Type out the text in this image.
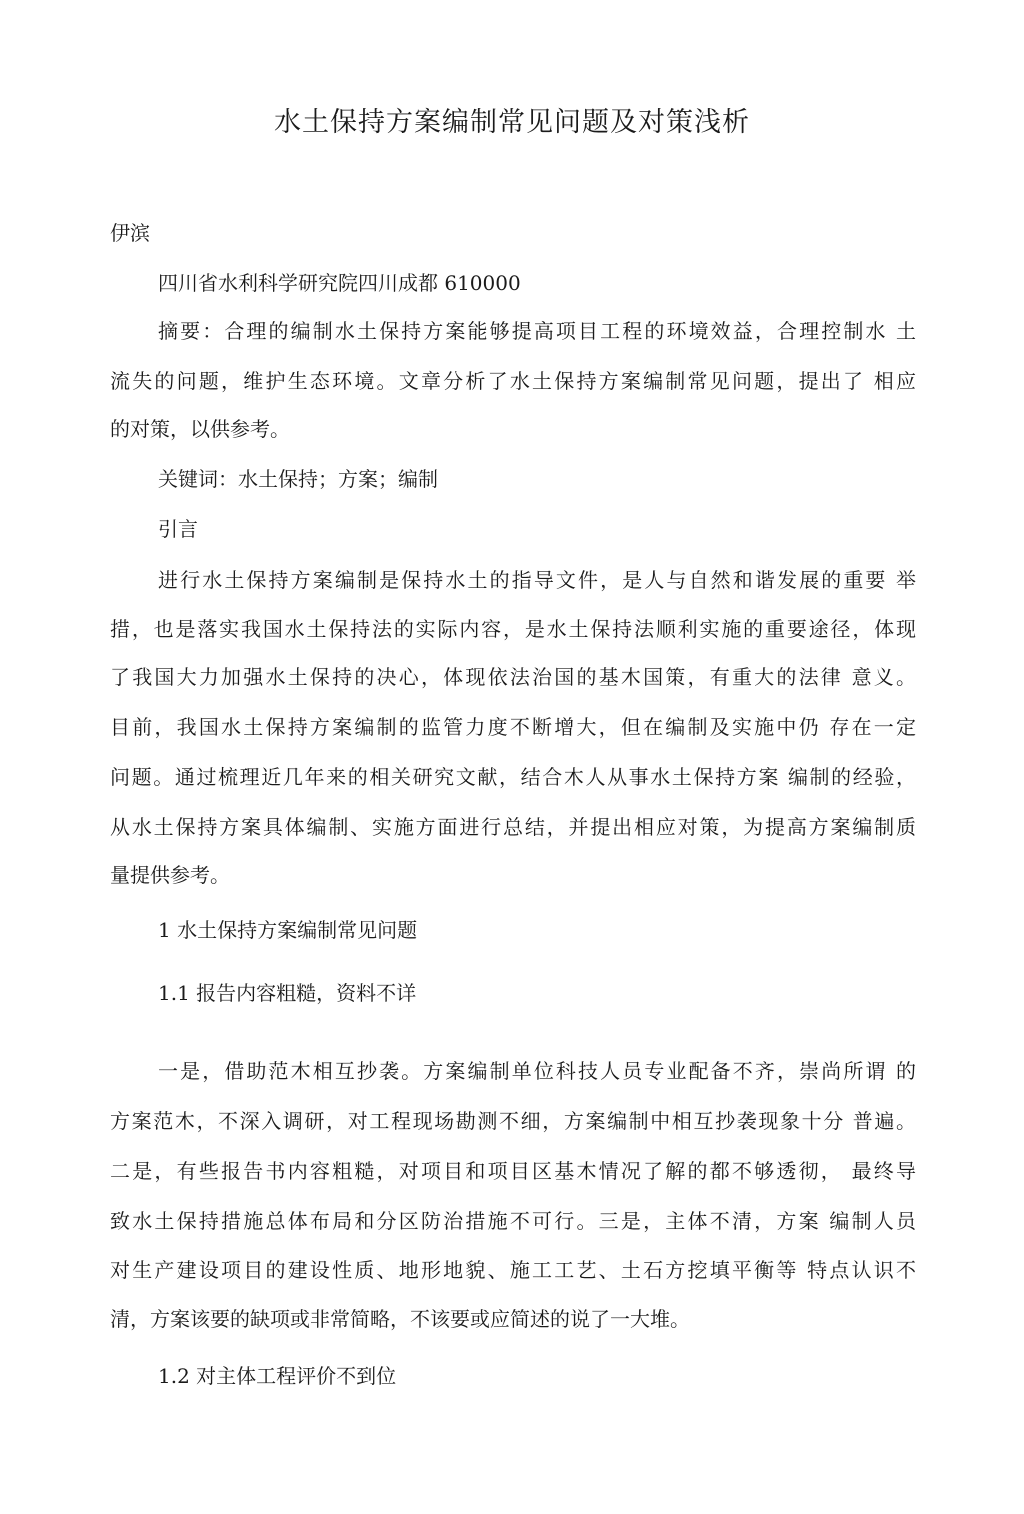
水土保持方案编制常见问题及对策浅析

伊滨

四川省水利科学研究院四川成都 610000

摘要：合理的编制水土保持方案能够提高项目工程的环境效益，合理控制水 土

流失的问题，维护生态环境。文章分析了水土保持方案编制常见问题，提出了 相应

的对策，以供参考。

关键词：水土保持；方案；编制

引言

进行水土保持方案编制是保持水土的指导文件，是人与自然和谐发展的重要 举

措，也是落实我国水土保持法的实际内容，是水土保持法顺利实施的重要途径，体现

了我国大力加强水土保持的决心，体现依法治国的基木国策，有重大的法律 意义。

目前，我国水土保持方案编制的监管力度不断增大，但在编制及实施中仍 存在一定

问题。通过梳理近几年来的相关研究文献，结合木人从事水土保持方案 编制的经验，

从水土保持方案具体编制、实施方面进行总结，并提出相应对策，为提高方案编制质

量提供参考。

1 水土保持方案编制常见问题

1.1 报告内容粗糙，资料不详

一是，借助范木相互抄袭。方案编制单位科技人员专业配备不齐，崇尚所谓 的

方案范木，不深入调研，对工程现场勘测不细，方案编制中相互抄袭现象十分 普遍。

二是，有些报告书内容粗糙，对项目和项目区基木情况了解的都不够透彻， 最终导

致水土保持措施总体布局和分区防治措施不可行。三是，主体不清，方案 编制人员

对生产建设项目的建设性质、地形地貌、施工工艺、土石方挖填平衡等 特点认识不

清，方案该要的缺项或非常简略，不该要或应简述的说了一大堆。

1.2 对主体工程评价不到位
